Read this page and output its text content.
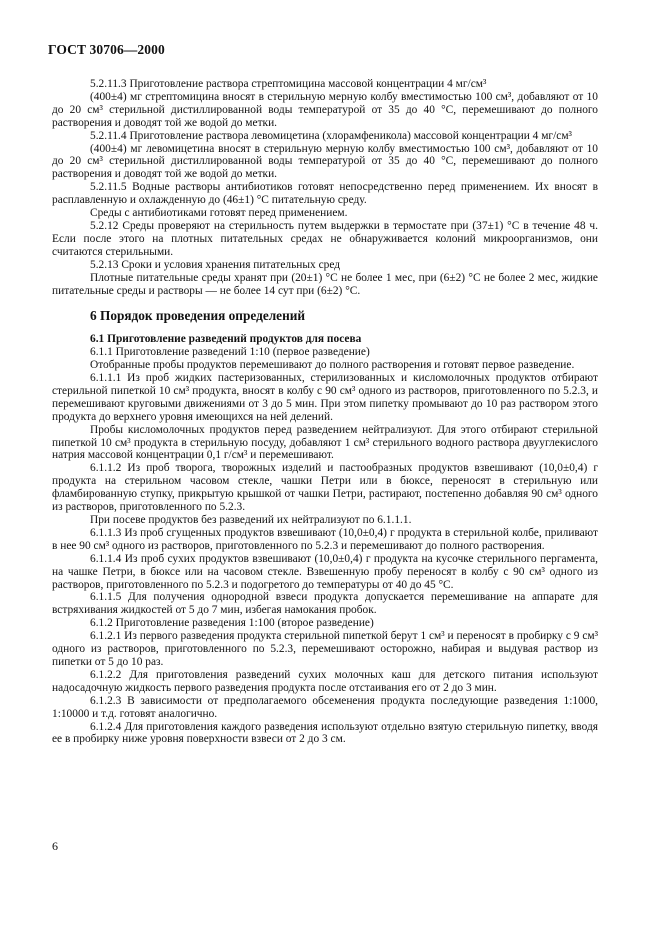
ГОСТ 30706—2000

5.2.11.3 Приготовление раствора стрептомицина массовой концентрации 4 мг/см³

(400±4) мг стрептомицина вносят в стерильную мерную колбу вместимостью 100 см³, добавляют от 10 до 20 см³ стерильной дистиллированной воды температурой от 35 до 40 °С, перемешивают до полного растворения и доводят той же водой до метки.

5.2.11.4 Приготовление раствора левомицетина (хлорамфеникола) массовой концентрации 4 мг/см³

(400±4) мг левомицетина вносят в стерильную мерную колбу вместимостью 100 см³, добавляют от 10 до 20 см³ стерильной дистиллированной воды температурой от 35 до 40 °С, перемешивают до полного растворения и доводят той же водой до метки.

5.2.11.5 Водные растворы антибиотиков готовят непосредственно перед применением. Их вносят в расплавленную и охлажденную до (46±1) °С питательную среду.

Среды с антибиотиками готовят перед применением.

5.2.12 Среды проверяют на стерильность путем выдержки в термостате при (37±1) °С в течение 48 ч. Если после этого на плотных питательных средах не обнаруживается колоний микроорганизмов, они считаются стерильными.

5.2.13 Сроки и условия хранения питательных сред

Плотные питательные среды хранят при (20±1) °С не более 1 мес, при (6±2) °С не более 2 мес, жидкие питательные среды и растворы — не более 14 сут при (6±2) °С.

6 Порядок проведения определений

6.1 Приготовление разведений продуктов для посева

6.1.1 Приготовление разведений 1:10 (первое разведение)

Отобранные пробы продуктов перемешивают до полного растворения и готовят первое разведение.

6.1.1.1 Из проб жидких пастеризованных, стерилизованных и кисломолочных продуктов отбирают стерильной пипеткой 10 см³ продукта, вносят в колбу с 90 см³ одного из растворов, приготовленного по 5.2.3, и перемешивают круговыми движениями от 3 до 5 мин. При этом пипетку промывают до 10 раз раствором этого продукта до верхнего уровня имеющихся на ней делений.

Пробы кисломолочных продуктов перед разведением нейтрализуют. Для этого отбирают стерильной пипеткой 10 см³ продукта в стерильную посуду, добавляют 1 см³ стерильного водного раствора двууглекислого натрия массовой концентрации 0,1 г/см³ и перемешивают.

6.1.1.2 Из проб творога, творожных изделий и пастообразных продуктов взвешивают (10,0±0,4) г продукта на стерильном часовом стекле, чашки Петри или в бюксе, переносят в стерильную или фламбированную ступку, прикрытую крышкой от чашки Петри, растирают, постепенно добавляя 90 см³ одного из растворов, приготовленного по 5.2.3.

При посеве продуктов без разведений их нейтрализуют по 6.1.1.1.

6.1.1.3 Из проб сгущенных продуктов взвешивают (10,0±0,4) г продукта в стерильной колбе, приливают в нее 90 см³ одного из растворов, приготовленного по 5.2.3 и перемешивают до полного растворения.

6.1.1.4 Из проб сухих продуктов взвешивают (10,0±0,4) г продукта на кусочке стерильного пергамента, на чашке Петри, в бюксе или на часовом стекле. Взвешенную пробу переносят в колбу с 90 см³ одного из растворов, приготовленного по 5.2.3 и подогретого до температуры от 40 до 45 °С.

6.1.1.5 Для получения однородной взвеси продукта допускается перемешивание на аппарате для встряхивания жидкостей от 5 до 7 мин, избегая намокания пробок.

6.1.2 Приготовление разведения 1:100 (второе разведение)

6.1.2.1 Из первого разведения продукта стерильной пипеткой берут 1 см³ и переносят в пробирку с 9 см³ одного из растворов, приготовленного по 5.2.3, перемешивают осторожно, набирая и выдувая раствор из пипетки от 5 до 10 раз.

6.1.2.2 Для приготовления разведений сухих молочных каш для детского питания используют надосадочную жидкость первого разведения продукта после отстаивания его от 2 до 3 мин.

6.1.2.3 В зависимости от предполагаемого обсеменения продукта последующие разведения 1:1000, 1:10000 и т.д. готовят аналогично.

6.1.2.4 Для приготовления каждого разведения используют отдельно взятую стерильную пипетку, вводя ее в пробирку ниже уровня поверхности взвеси от 2 до 3 см.

6
